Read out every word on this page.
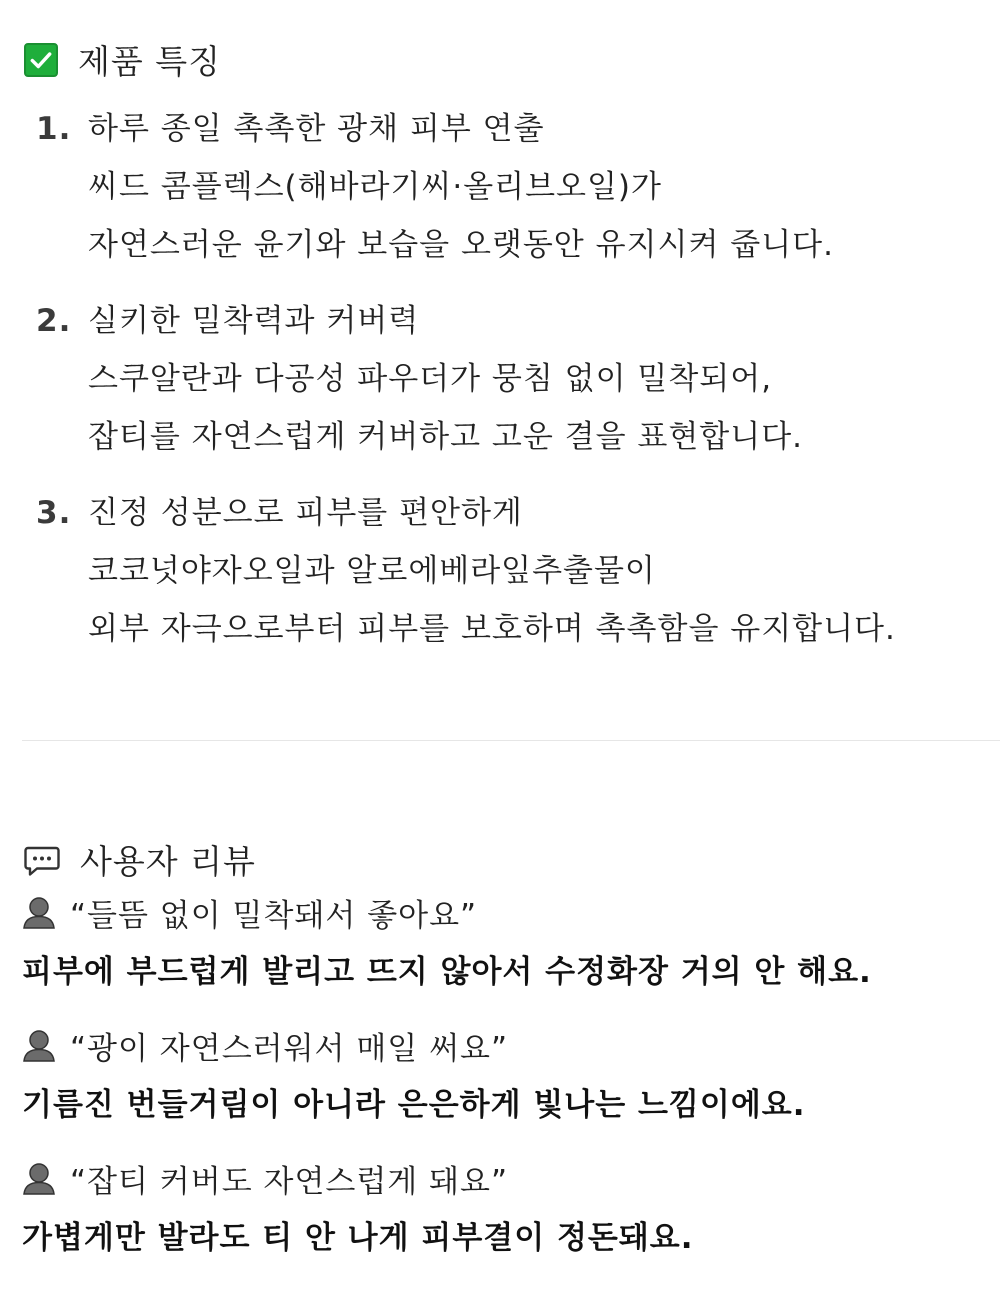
제품 특징
1. 하루 종일 촉촉한 광채 피부 연출
씨드 콤플렉스(해바라기씨·올리브오일)가
자연스러운 윤기와 보습을 오랫동안 유지시켜 줍니다.
2. 실키한 밀착력과 커버력
스쿠알란과 다공성 파우더가 뭉침 없이 밀착되어,
잡티를 자연스럽게 커버하고 고운 결을 표현합니다.
3. 진정 성분으로 피부를 편안하게
코코넛야자오일과 알로에베라잎추출물이
외부 자극으로부터 피부를 보호하며 촉촉함을 유지합니다.
사용자 리뷰
“들뜸 없이 밀착돼서 좋아요”
피부에 부드럽게 발리고 뜨지 않아서 수정화장 거의 안 해요.
“광이 자연스러워서 매일 써요”
기름진 번들거림이 아니라 은은하게 빛나는 느낌이에요.
“잡티 커버도 자연스럽게 돼요”
가볍게만 발라도 티 안 나게 피부결이 정돈돼요.
